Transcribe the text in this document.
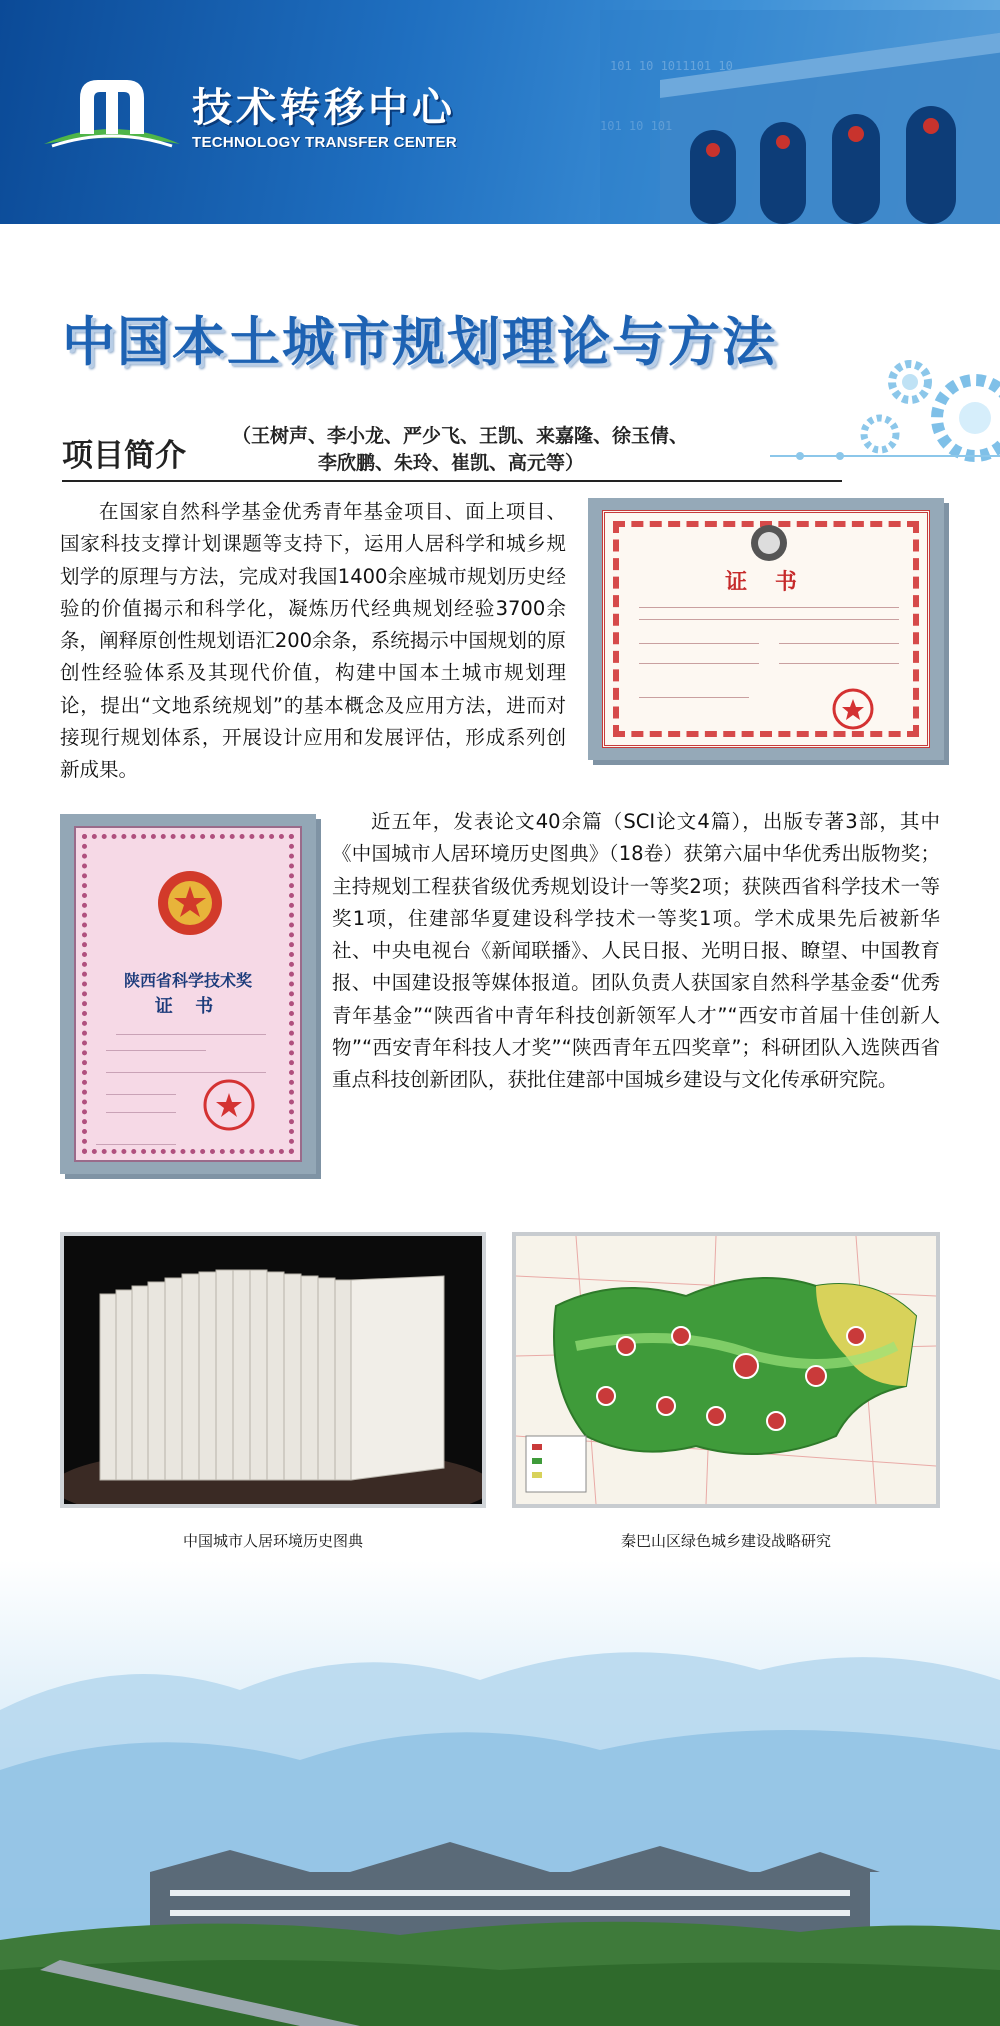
101 10 1011101 10
101 10 101
技术转移中心
TECHNOLOGY TRANSFER CENTER
中国本土城市规划理论与方法
项目简介
（王树声、李小龙、严少飞、王凯、来嘉隆、徐玉倩、
李欣鹏、朱玲、崔凯、高元等）
证 书

在国家自然科学基金优秀青年基金项目、面上项目、国家科技支撑计划课题等支持下，运用人居科学和城乡规划学的原理与方法，完成对我国1400余座城市规划历史经验的价值揭示和科学化，凝炼历代经典规划经验3700余条，阐释原创性规划语汇200余条，系统揭示中国规划的原创性经验体系及其现代价值，构建中国本土城市规划理论，提出“文地系统规划”的基本概念及应用方法，进而对接现行规划体系，开展设计应用和发展评估，形成系列创新成果。

陕西省科学技术奖
证 书

近五年，发表论文40余篇（SCI论文4篇），出版专著3部，其中《中国城市人居环境历史图典》（18卷）获第六届中华优秀出版物奖；主持规划工程获省级优秀规划设计一等奖2项；获陕西省科学技术一等奖1项，住建部华夏建设科学技术一等奖1项。学术成果先后被新华社、中央电视台《新闻联播》、人民日报、光明日报、瞭望、中国教育报、中国建设报等媒体报道。团队负责人获国家自然科学基金委“优秀青年基金”“陕西省中青年科技创新领军人才”“西安市首届十佳创新人物”“西安青年科技人才奖”“陕西青年五四奖章”；科研团队入选陕西省重点科技创新团队，获批住建部中国城乡建设与文化传承研究院。

中国城市人居环境历史图典	秦巴山区绿色城乡建设战略研究
